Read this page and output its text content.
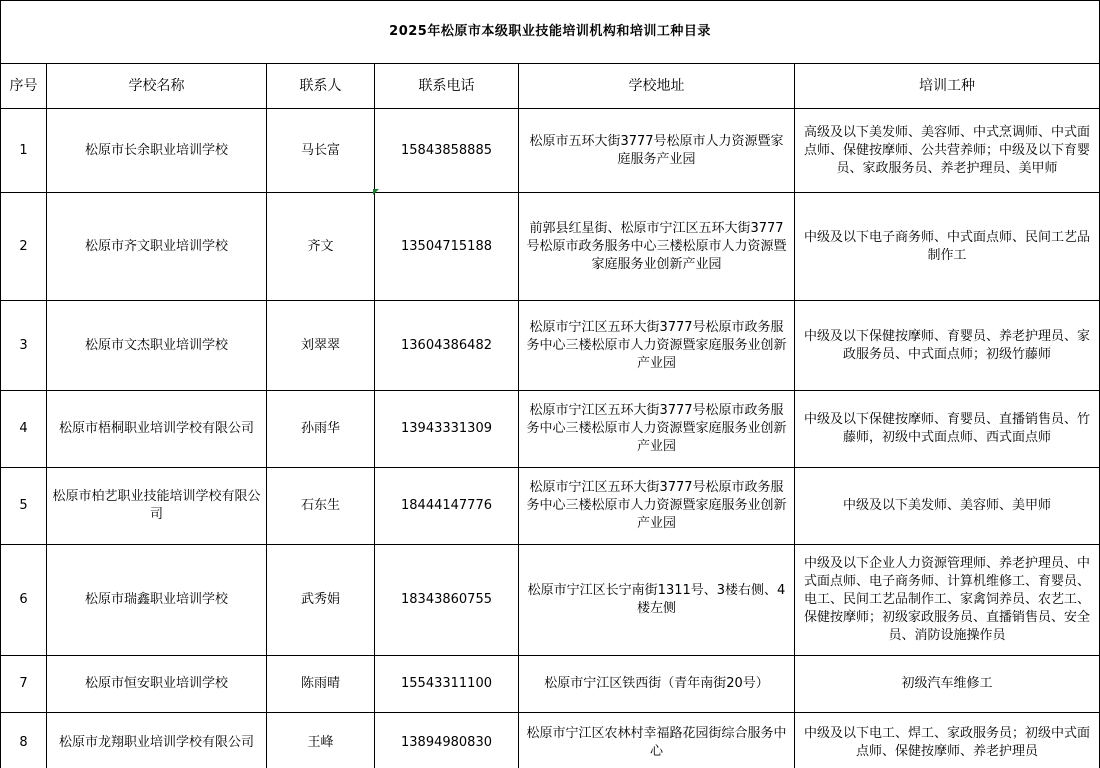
2025年松原市本级职业技能培训机构和培训工种目录					
序号	学校名称	联系人	联系电话	学校地址	培训工种
1	松原市长余职业培训学校	马长富	15843858885	松原市五环大街3777号松原市人力资源暨家庭服务产业园	高级及以下美发师、美容师、中式烹调师、中式面点师、保健按摩师、公共营养师；中级及以下育婴员、家政服务员、养老护理员、美甲师
2	松原市齐文职业培训学校	齐文	13504715188	前郭县红星街、松原市宁江区五环大街3777号松原市政务服务中心三楼松原市人力资源暨家庭服务业创新产业园	中级及以下电子商务师、中式面点师、民间工艺品制作工
3	松原市文杰职业培训学校	刘翠翠	13604386482	松原市宁江区五环大街3777号松原市政务服务中心三楼松原市人力资源暨家庭服务业创新产业园	中级及以下保健按摩师、育婴员、养老护理员、家政服务员、中式面点师；初级竹藤师
4	松原市梧桐职业培训学校有限公司	孙雨华	13943331309	松原市宁江区五环大街3777号松原市政务服务中心三楼松原市人力资源暨家庭服务业创新产业园	中级及以下保健按摩师、育婴员、直播销售员、竹藤师，初级中式面点师、西式面点师
5	松原市柏艺职业技能培训学校有限公司	石东生	18444147776	松原市宁江区五环大街3777号松原市政务服务中心三楼松原市人力资源暨家庭服务业创新产业园	中级及以下美发师、美容师、美甲师
6	松原市瑞鑫职业培训学校	武秀娟	18343860755	松原市宁江区长宁南街1311号、3楼右侧、4楼左侧	中级及以下企业人力资源管理师、养老护理员、中式面点师、电子商务师、计算机维修工、育婴员、电工、民间工艺品制作工、家禽饲养员、农艺工、保健按摩师；初级家政服务员、直播销售员、安全员、消防设施操作员
7	松原市恒安职业培训学校	陈雨晴	15543311100	松原市宁江区铁西街（青年南街20号）	初级汽车维修工
8	松原市龙翔职业培训学校有限公司	王峰	13894980830	松原市宁江区农林村幸福路花园街综合服务中心	中级及以下电工、焊工、家政服务员；初级中式面点师、保健按摩师、养老护理员
